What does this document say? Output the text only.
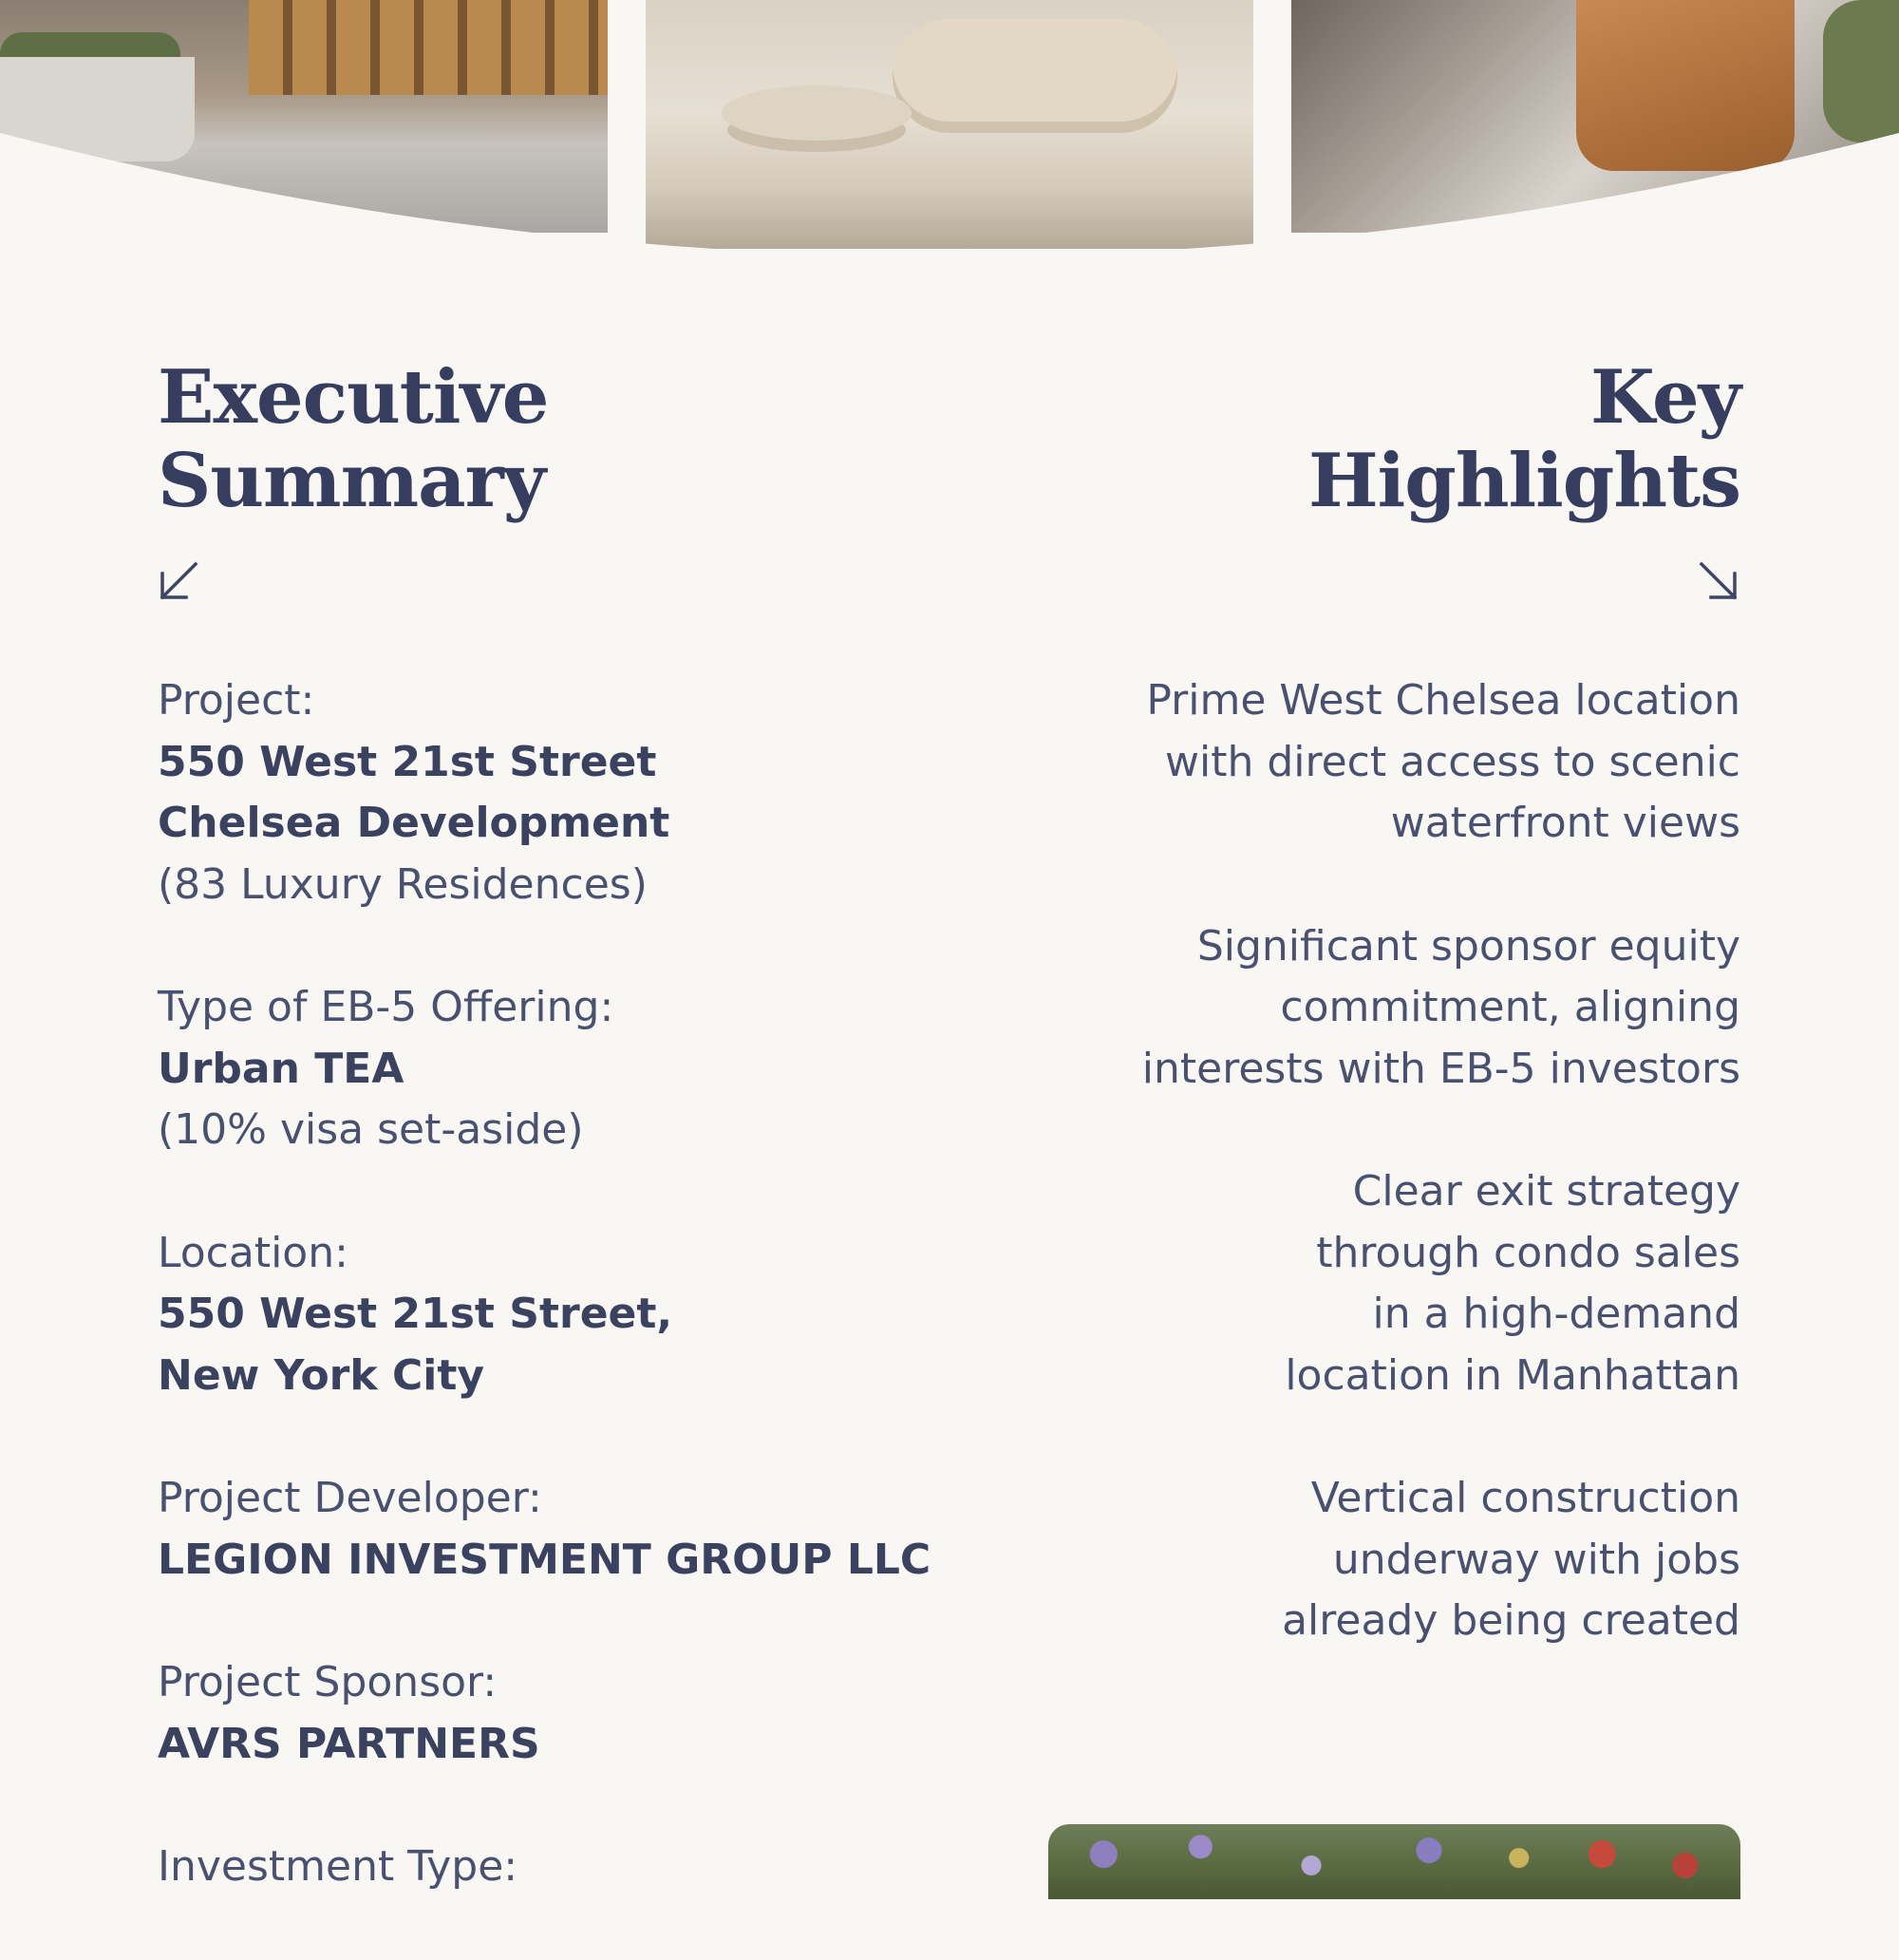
Executive
Summary
Key
Highlights
Project:
550 West 21st Street
Chelsea Development
(83 Luxury Residences)
Type of EB-5 Offering:
Urban TEA
(10% visa set-aside)
Location:
550 West 21st Street,
New York City
Project Developer:
LEGION INVESTMENT GROUP LLC
Project Sponsor:
AVRS PARTNERS
Investment Type:
Prime West Chelsea location
with direct access to scenic
waterfront views
Significant sponsor equity
commitment, aligning
interests with EB-5 investors
Clear exit strategy
through condo sales
in a high-demand
location in Manhattan
Vertical construction
underway with jobs
already being created
